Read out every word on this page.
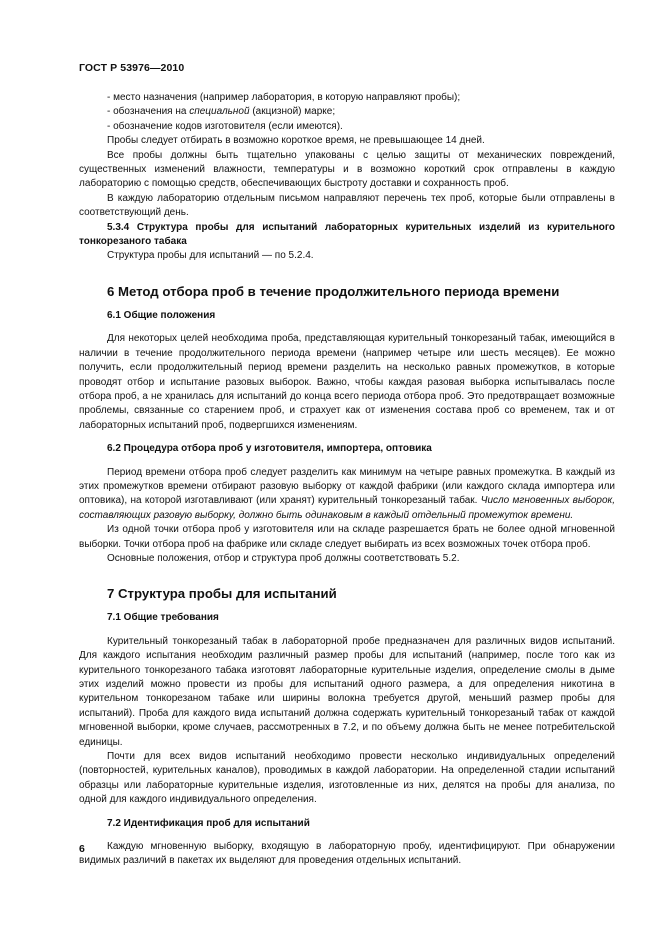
ГОСТ Р 53976—2010

- место назначения (например лаборатория, в которую направляют пробы);

- обозначения на специальной (акцизной) марке;

- обозначение кодов изготовителя (если имеются).

Пробы следует отбирать в возможно короткое время, не превышающее 14 дней.

Все пробы должны быть тщательно упакованы с целью защиты от механических повреждений, существенных изменений влажности, температуры и в возможно короткий срок отправлены в каждую лабораторию с помощью средств, обеспечивающих быстроту доставки и сохранность проб.

В каждую лабораторию отдельным письмом направляют перечень тех проб, которые были отправлены в соответствующий день.

5.3.4 Структура пробы для испытаний лабораторных курительных изделий из курительного тонкорезаного табака

Структура пробы для испытаний — по 5.2.4.

6 Метод отбора проб в течение продолжительного периода времени

6.1 Общие положения

Для некоторых целей необходима проба, представляющая курительный тонкорезаный табак, имеющийся в наличии в течение продолжительного периода времени (например четыре или шесть месяцев). Ее можно получить, если продолжительный период времени разделить на несколько равных промежутков, в которые проводят отбор и испытание разовых выборок. Важно, чтобы каждая разовая выборка испытывалась после отбора проб, а не хранилась для испытаний до конца всего периода отбора проб. Это предотвращает возможные проблемы, связанные со старением проб, и страхует как от изменения состава проб со временем, так и от лабораторных испытаний проб, подвергшихся изменениям.

6.2 Процедура отбора проб у изготовителя, импортера, оптовика

Период времени отбора проб следует разделить как минимум на четыре равных промежутка. В каждый из этих промежутков времени отбирают разовую выборку от каждой фабрики (или каждого склада импортера или оптовика), на которой изготавливают (или хранят) курительный тонкорезаный табак. Число мгновенных выборок, составляющих разовую выборку, должно быть одинаковым в каждый отдельный промежуток времени.

Из одной точки отбора проб у изготовителя или на складе разрешается брать не более одной мгновенной выборки. Точки отбора проб на фабрике или складе следует выбирать из всех возможных точек отбора проб.

Основные положения, отбор и структура проб должны соответствовать 5.2.

7 Структура пробы для испытаний

7.1 Общие требования

Курительный тонкорезаный табак в лабораторной пробе предназначен для различных видов испытаний. Для каждого испытания необходим различный размер пробы для испытаний (например, после того как из курительного тонкорезаного табака изготовят лабораторные курительные изделия, определение смолы в дыме этих изделий можно провести из пробы для испытаний одного размера, а для определения никотина в курительном тонкорезаном табаке или ширины волокна требуется другой, меньший размер пробы для испытаний). Проба для каждого вида испытаний должна содержать курительный тонкорезаный табак от каждой мгновенной выборки, кроме случаев, рассмотренных в 7.2, и по объему должна быть не менее потребительской единицы.

Почти для всех видов испытаний необходимо провести несколько индивидуальных определений (повторностей, курительных каналов), проводимых в каждой лаборатории. На определенной стадии испытаний образцы или лабораторные курительные изделия, изготовленные из них, делятся на пробы для анализа, по одной для каждого индивидуального определения.

7.2 Идентификация проб для испытаний

Каждую мгновенную выборку, входящую в лабораторную пробу, идентифицируют. При обнаружении видимых различий в пакетах их выделяют для проведения отдельных испытаний.

6
